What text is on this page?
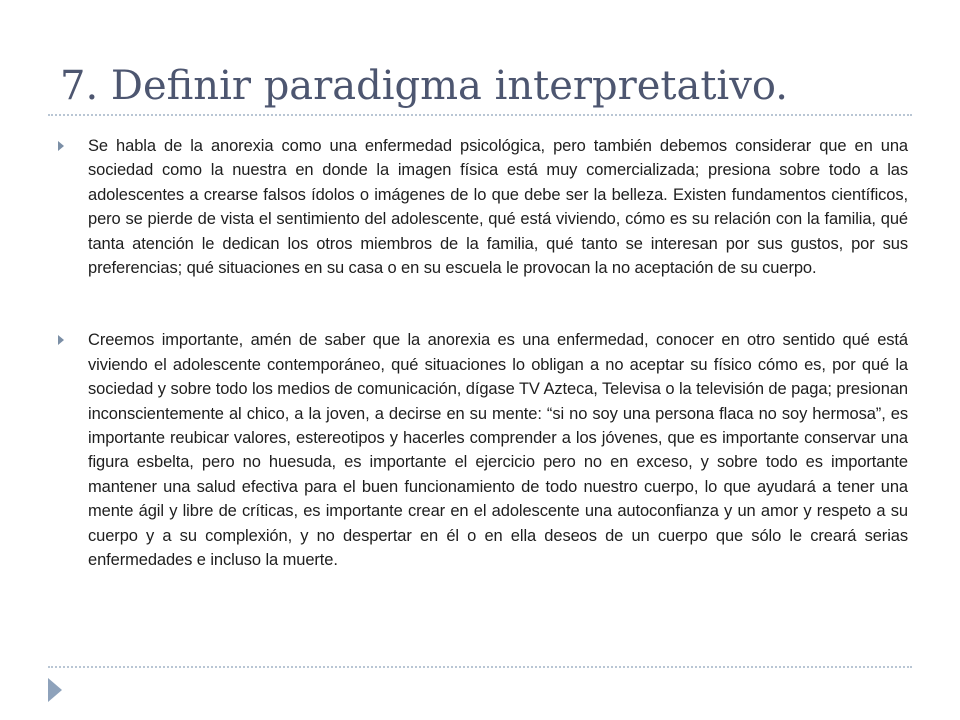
7. Definir paradigma interpretativo.

Se habla de la anorexia como una enfermedad psicológica, pero también debemos considerar que en una sociedad como la nuestra en donde la imagen física está muy comercializada; presiona sobre todo a las adolescentes a crearse falsos ídolos o imágenes de lo que debe ser la belleza. Existen fundamentos científicos, pero se pierde de vista el sentimiento del adolescente, qué está viviendo, cómo es su relación con la familia, qué tanta atención le dedican los otros miembros de la familia, qué tanto se interesan por sus gustos, por sus preferencias; qué situaciones en su casa o en su escuela le provocan la no aceptación de su cuerpo.

Creemos importante, amén de saber que la anorexia es una enfermedad, conocer en otro sentido qué está viviendo el adolescente contemporáneo, qué situaciones lo obligan a no aceptar su físico cómo es, por qué la sociedad y sobre todo los medios de comunicación, dígase TV Azteca, Televisa o la televisión de paga; presionan inconscientemente al chico, a la joven, a decirse en su mente: “si no soy una persona flaca no soy hermosa”, es importante reubicar valores, estereotipos y hacerles comprender a los jóvenes, que es importante conservar una figura esbelta, pero no huesuda, es importante el ejercicio pero no en exceso, y sobre todo es importante mantener una salud efectiva para el buen funcionamiento de todo nuestro cuerpo, lo que ayudará a tener una mente ágil y libre de críticas, es importante crear en el adolescente una autoconfianza y un amor y respeto a su cuerpo y a su complexión, y no despertar en él o en ella deseos de un cuerpo que sólo le creará serias enfermedades e incluso la muerte.
